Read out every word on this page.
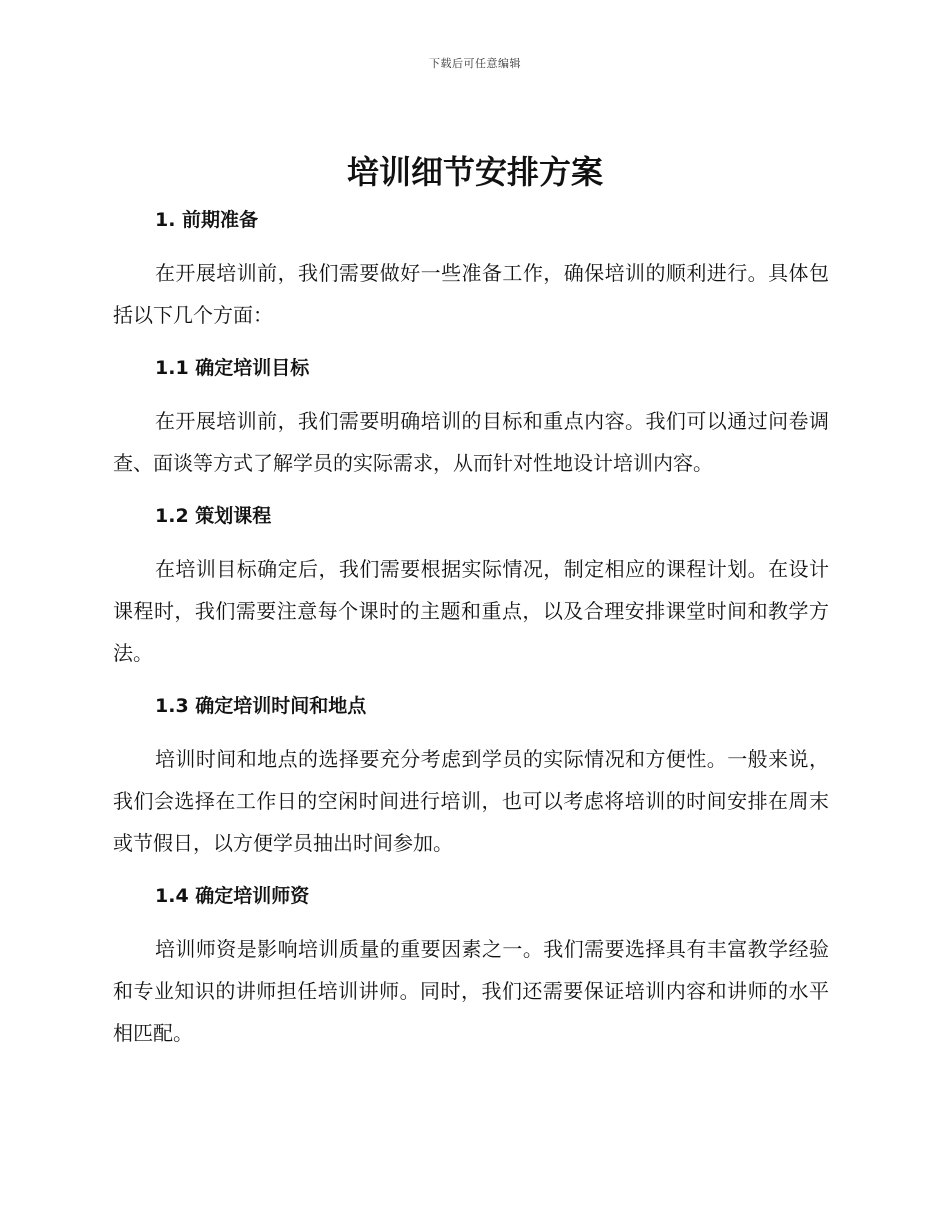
下载后可任意编辑
培训细节安排方案
1. 前期准备

在开展培训前，我们需要做好一些准备工作，确保培训的顺利进行。具体包括以下几个方面：

1.1 确定培训目标

在开展培训前，我们需要明确培训的目标和重点内容。我们可以通过问卷调查、面谈等方式了解学员的实际需求，从而针对性地设计培训内容。

1.2 策划课程

在培训目标确定后，我们需要根据实际情况，制定相应的课程计划。在设计课程时，我们需要注意每个课时的主题和重点，以及合理安排课堂时间和教学方法。

1.3 确定培训时间和地点

培训时间和地点的选择要充分考虑到学员的实际情况和方便性。一般来说，我们会选择在工作日的空闲时间进行培训，也可以考虑将培训的时间安排在周末或节假日，以方便学员抽出时间参加。

1.4 确定培训师资

培训师资是影响培训质量的重要因素之一。我们需要选择具有丰富教学经验和专业知识的讲师担任培训讲师。同时，我们还需要保证培训内容和讲师的水平相匹配。
